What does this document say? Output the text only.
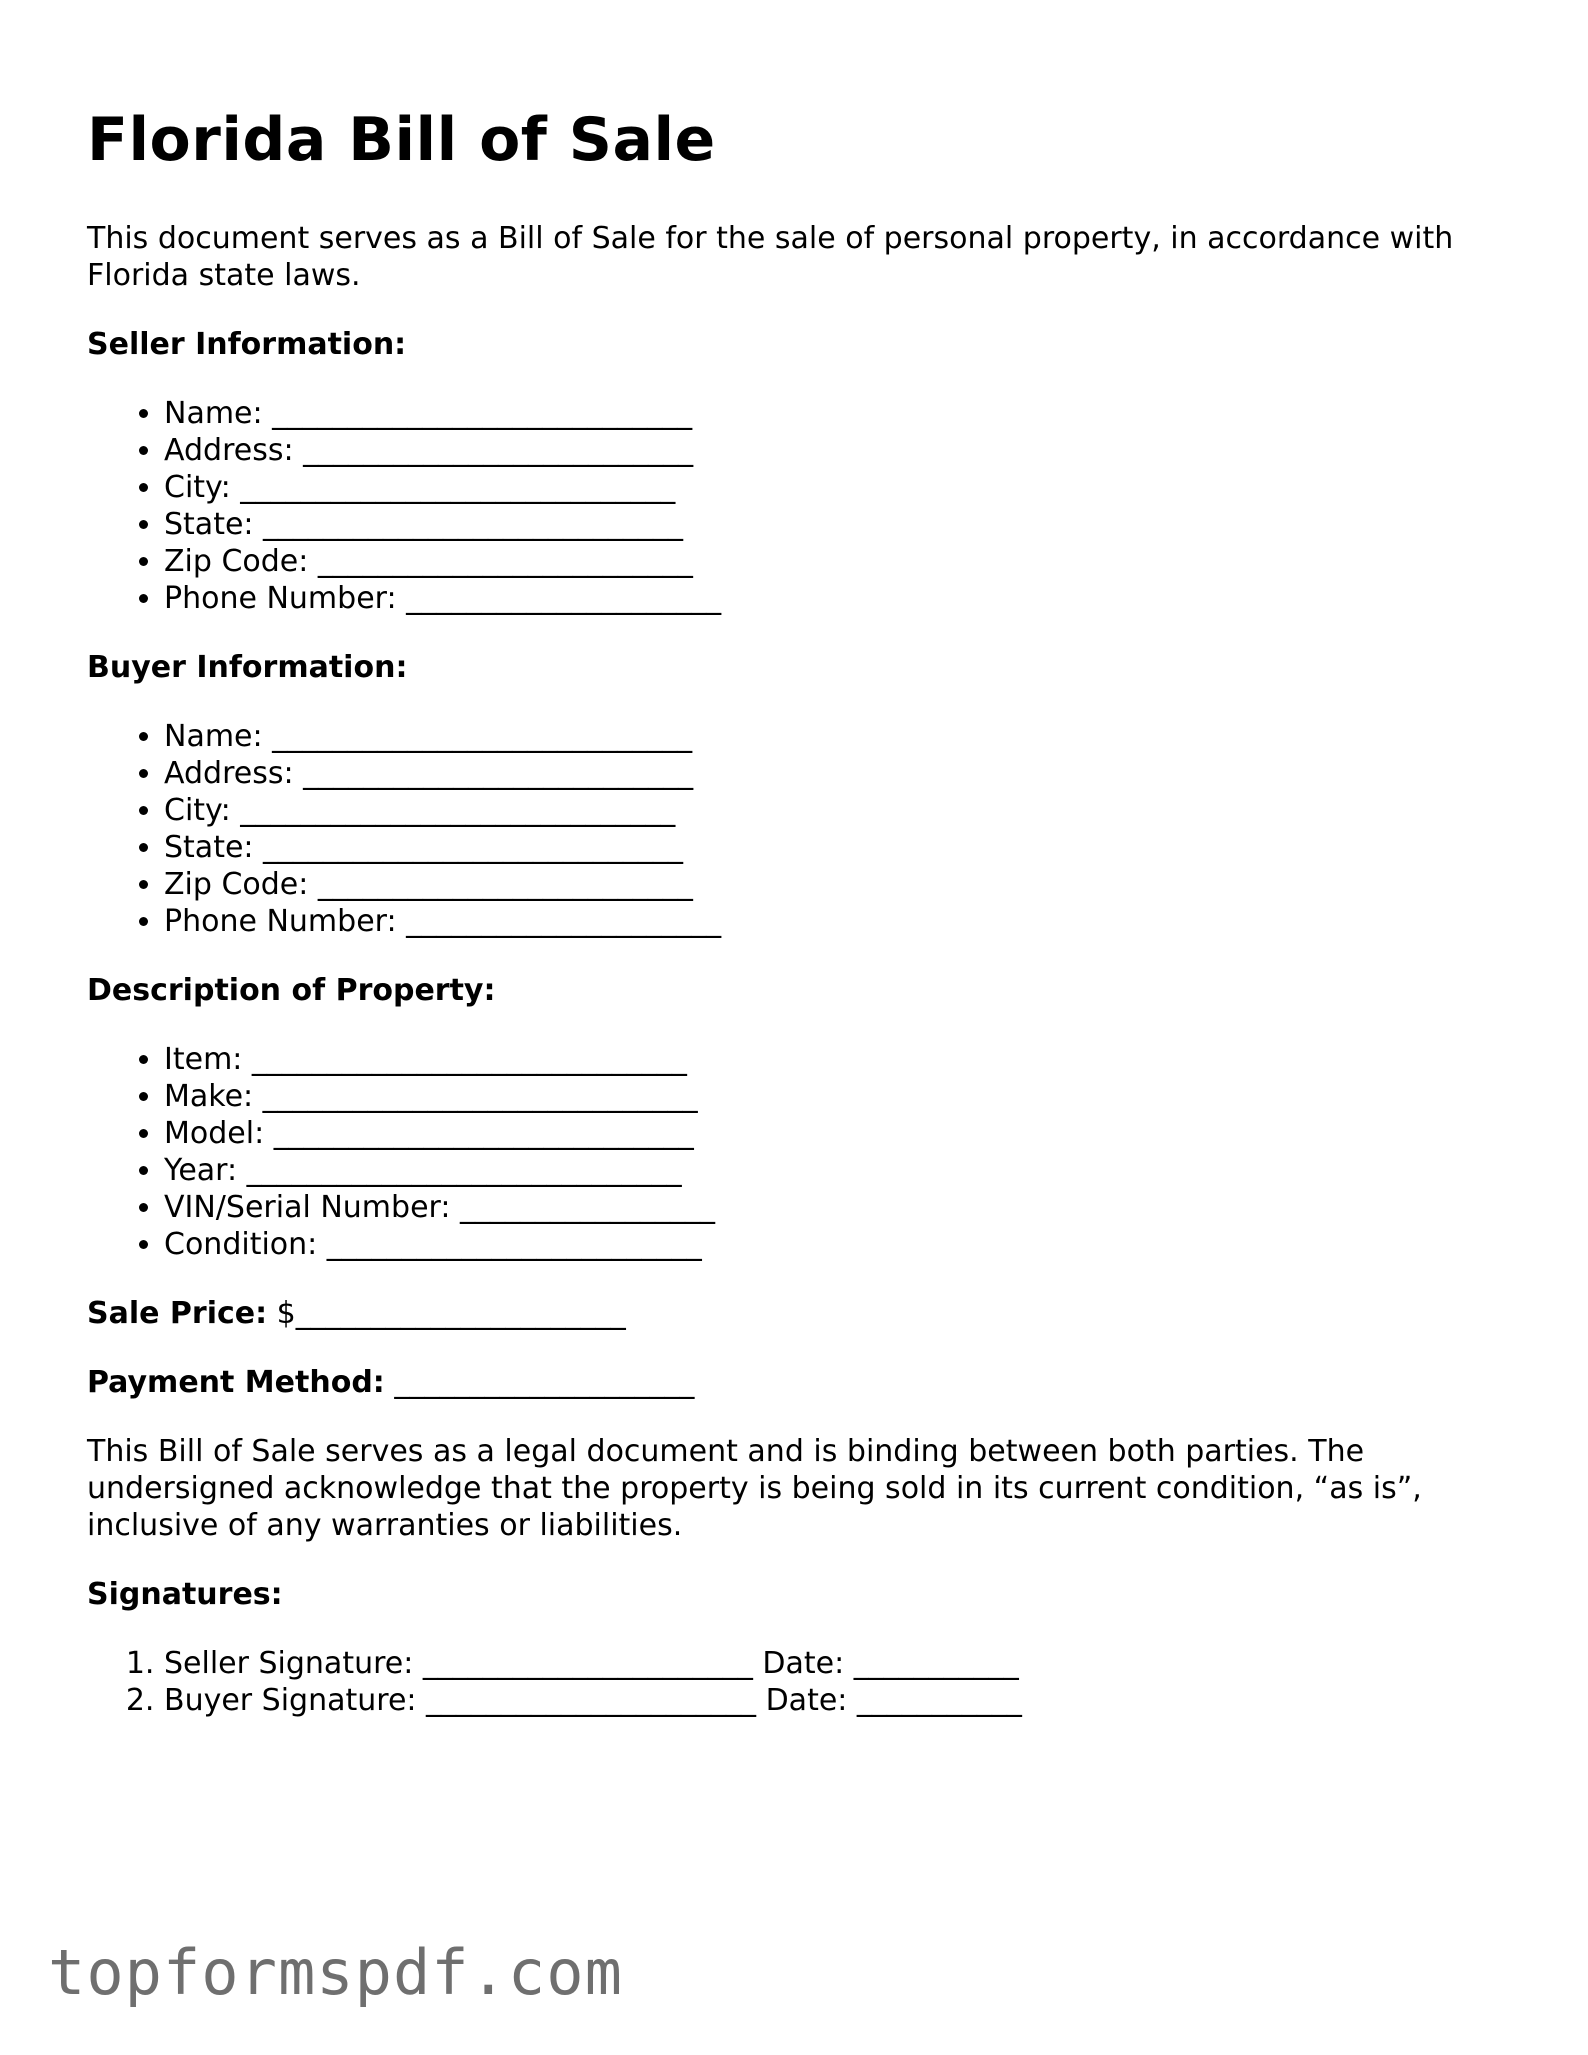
Florida Bill of Sale

This document serves as a Bill of Sale for the sale of personal property, in accordance with Florida state laws.

Seller Information:

• Name: ____________________________
• Address: __________________________
• City: _____________________________
• State: ____________________________
• Zip Code: _________________________
• Phone Number: _____________________

Buyer Information:

• Name: ____________________________
• Address: __________________________
• City: _____________________________
• State: ____________________________
• Zip Code: _________________________
• Phone Number: _____________________

Description of Property:

• Item: _____________________________
• Make: _____________________________
• Model: ____________________________
• Year: _____________________________
• VIN/Serial Number: _________________
• Condition: _________________________

Sale Price: $______________________

Payment Method: ____________________

This Bill of Sale serves as a legal document and is binding between both parties. The undersigned acknowledge that the property is being sold in its current condition, “as is”, inclusive of any warranties or liabilities.

Signatures:

1. Seller Signature: ______________________ Date: ___________
2. Buyer Signature: ______________________ Date: ___________
topformspdf.com
